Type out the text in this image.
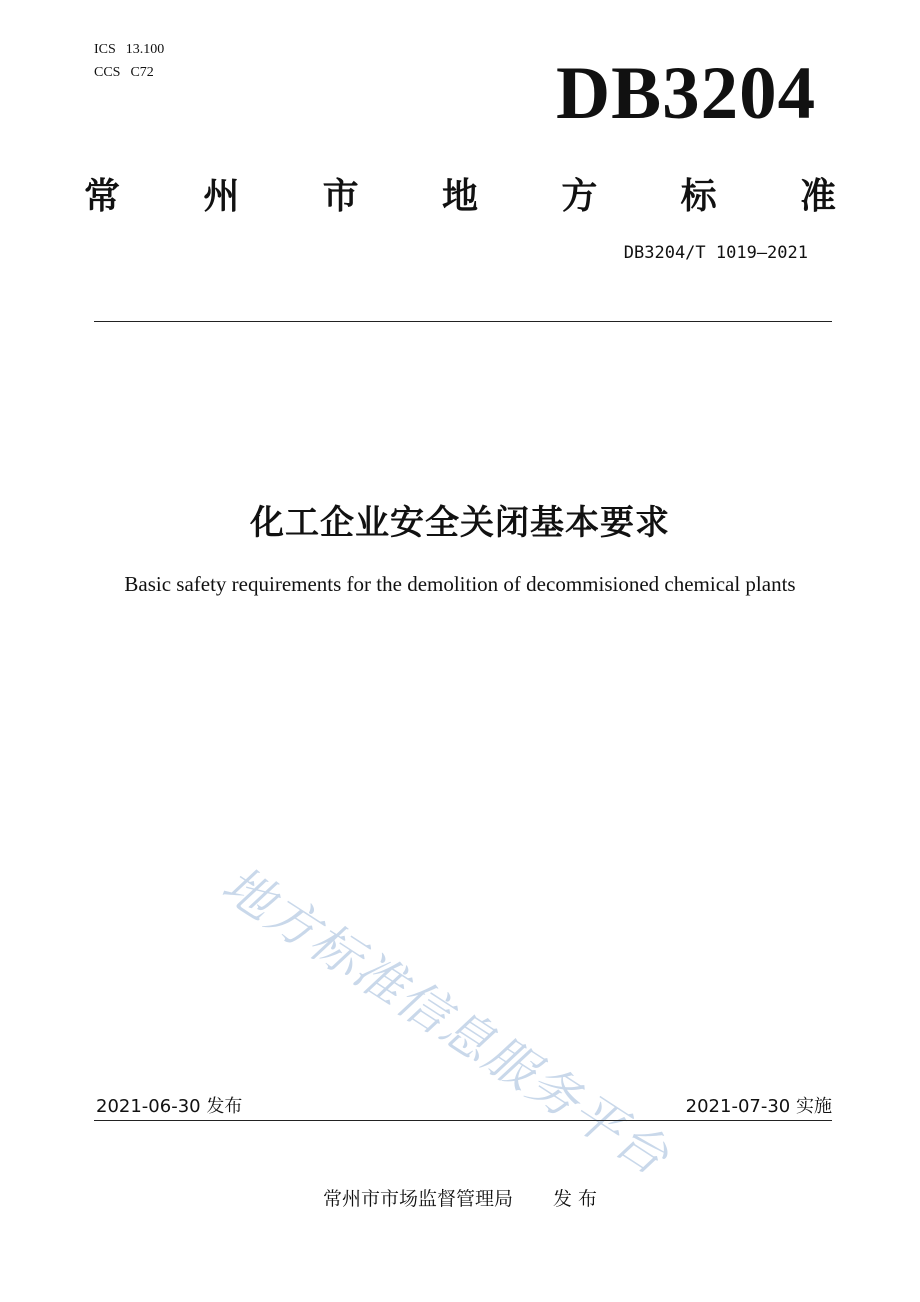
ICS 13.100
CCS C72	DB3204
常 州 市 地 方 标 准
DB3204/T 1019—2021
化工企业安全关闭基本要求
Basic safety requirements for the demolition of decommisioned chemical plants
地方标准信息服务平台
2021-06-30 发布	2021-07-30 实施
常州市市场监督管理局 发 布
